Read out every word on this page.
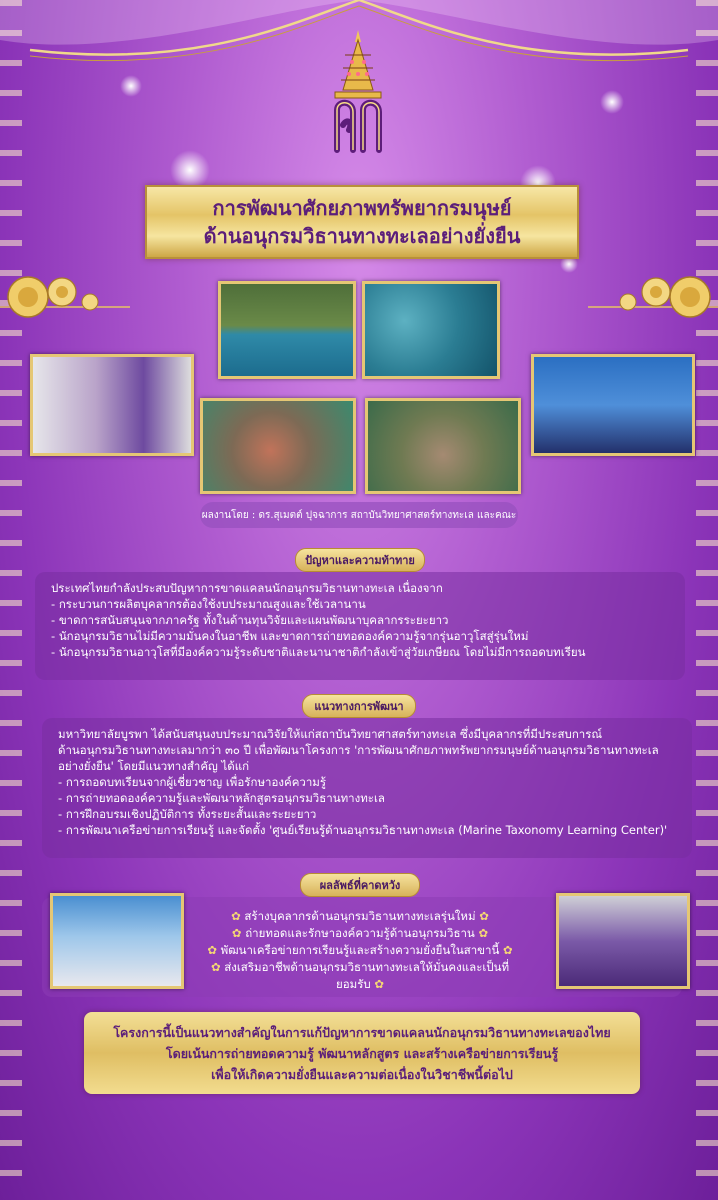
การพัฒนาศักยภาพทรัพยากรมนุษย์
ด้านอนุกรมวิธานทางทะเลอย่างยั่งยืน
ผลงานโดย : ดร.สุเมตต์ ปุจฉาการ สถาบันวิทยาศาสตร์ทางทะเล และคณะ
ปัญหาและความท้าทาย

ประเทศไทยกำลังประสบปัญหาการขาดแคลนนักอนุกรมวิธานทางทะเล เนื่องจาก

- กระบวนการผลิตบุคลากรต้องใช้งบประมาณสูงและใช้เวลานาน
- ขาดการสนับสนุนจากภาครัฐ ทั้งในด้านทุนวิจัยและแผนพัฒนาบุคลากรระยะยาว
- นักอนุกรมวิธานไม่มีความมั่นคงในอาชีพ และขาดการถ่ายทอดองค์ความรู้จากรุ่นอาวุโสสู่รุ่นใหม่
- นักอนุกรมวิธานอาวุโสที่มีองค์ความรู้ระดับชาติและนานาชาติกำลังเข้าสู่วัยเกษียณ โดยไม่มีการถอดบทเรียน
แนวทางการพัฒนา

มหาวิทยาลัยบูรพา ได้สนับสนุนงบประมาณวิจัยให้แก่สถาบันวิทยาศาสตร์ทางทะเล ซึ่งมีบุคลากรที่มีประสบการณ์

ด้านอนุกรมวิธานทางทะเลมากว่า ๓๐ ปี เพื่อพัฒนาโครงการ 'การพัฒนาศักยภาพทรัพยากรมนุษย์ด้านอนุกรมวิธานทางทะเล

อย่างยั่งยืน' โดยมีแนวทางสำคัญ ได้แก่

- การถอดบทเรียนจากผู้เชี่ยวชาญ เพื่อรักษาองค์ความรู้
- การถ่ายทอดองค์ความรู้และพัฒนาหลักสูตรอนุกรมวิธานทางทะเล
- การฝึกอบรมเชิงปฏิบัติการ ทั้งระยะสั้นและระยะยาว
- การพัฒนาเครือข่ายการเรียนรู้ และจัดตั้ง 'ศูนย์เรียนรู้ด้านอนุกรมวิธานทางทะเล (Marine Taxonomy Learning Center)'
ผลลัพธ์ที่คาดหวัง
✿ สร้างบุคลากรด้านอนุกรมวิธานทางทะเลรุ่นใหม่ ✿
✿ ถ่ายทอดและรักษาองค์ความรู้ด้านอนุกรมวิธาน ✿
✿ พัฒนาเครือข่ายการเรียนรู้และสร้างความยั่งยืนในสาขานี้ ✿
✿ ส่งเสริมอาชีพด้านอนุกรมวิธานทางทะเลให้มั่นคงและเป็นที่ยอมรับ ✿
โครงการนี้เป็นแนวทางสำคัญในการแก้ปัญหาการขาดแคลนนักอนุกรมวิธานทางทะเลของไทย
โดยเน้นการถ่ายทอดความรู้ พัฒนาหลักสูตร และสร้างเครือข่ายการเรียนรู้
เพื่อให้เกิดความยั่งยืนและความต่อเนื่องในวิชาชีพนี้ต่อไป
